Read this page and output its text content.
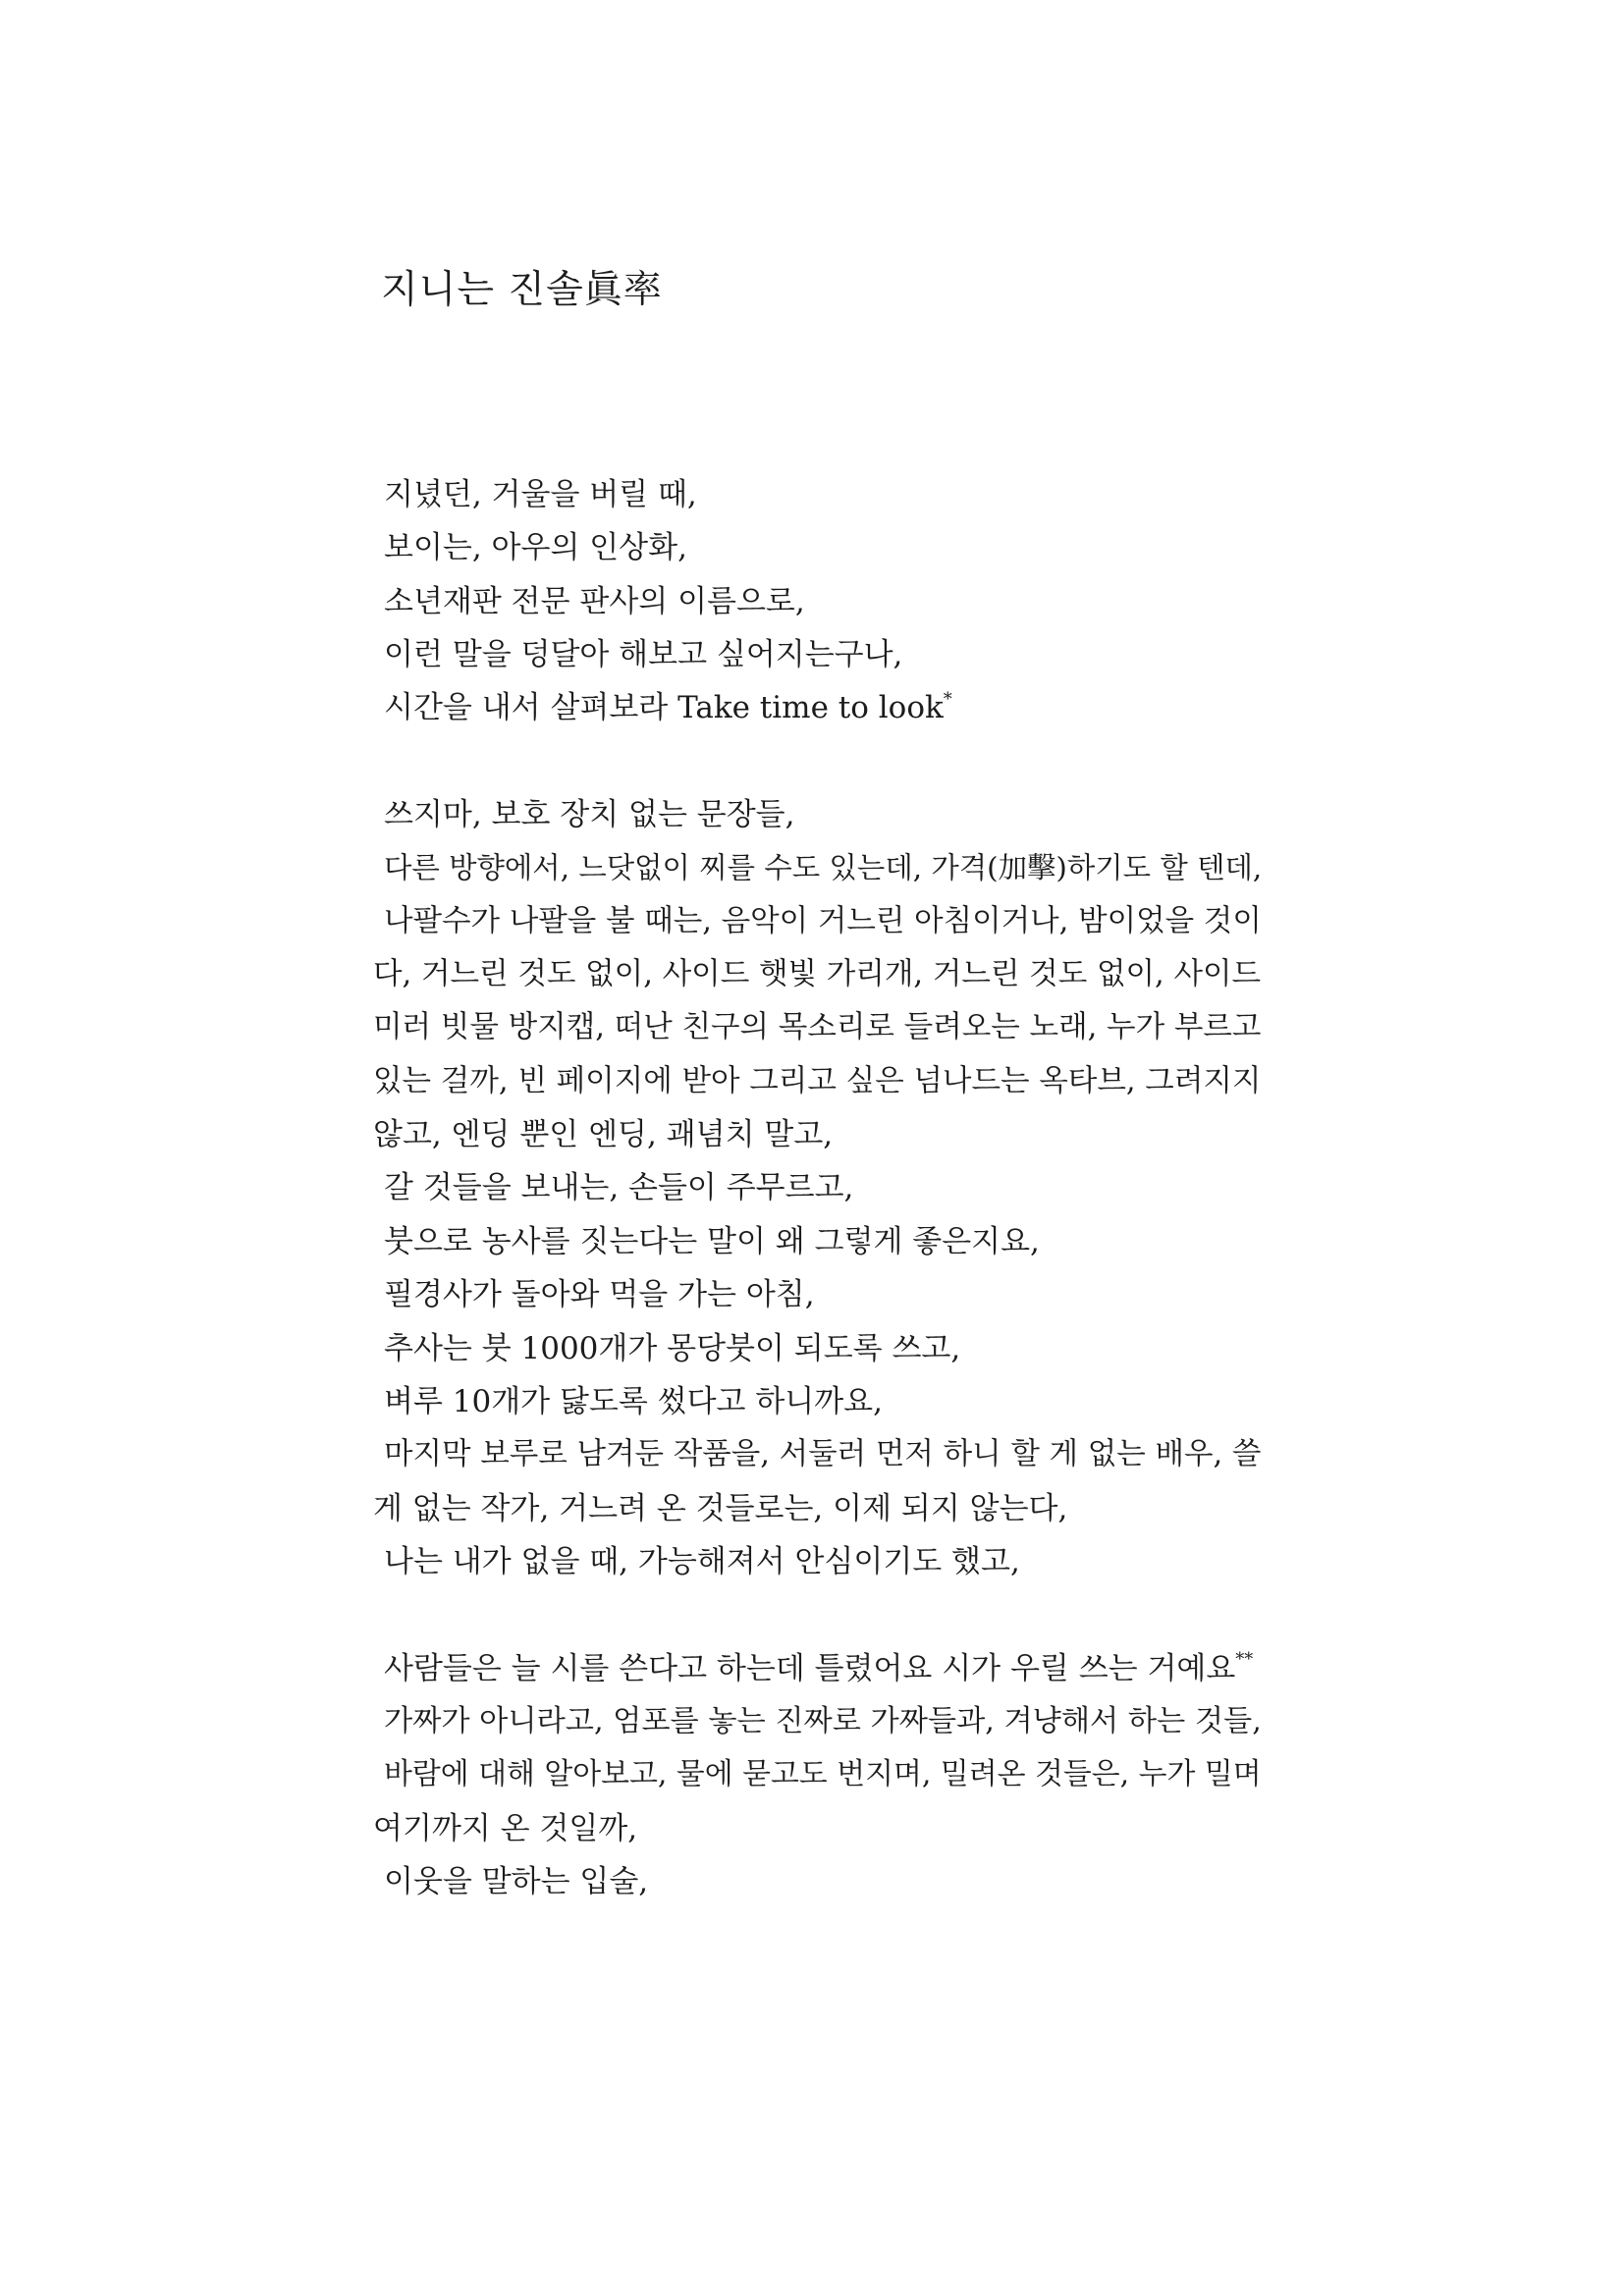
지니는 진솔眞率
지녔던, 거울을 버릴 때,
보이는, 아우의 인상화,
소년재판 전문 판사의 이름으로,
이런 말을 덩달아 해보고 싶어지는구나,
시간을 내서 살펴보라 Take time to look*
쓰지마, 보호 장치 없는 문장들,
다른 방향에서, 느닷없이 찌를 수도 있는데, 가격(加擊)하기도 할 텐데,
나팔수가 나팔을 불 때는, 음악이 거느린 아침이거나, 밤이었을 것이
다, 거느린 것도 없이, 사이드 햇빛 가리개, 거느린 것도 없이, 사이드
미러 빗물 방지캡, 떠난 친구의 목소리로 들려오는 노래, 누가 부르고
있는 걸까, 빈 페이지에 받아 그리고 싶은 넘나드는 옥타브, 그려지지
않고, 엔딩 뿐인 엔딩, 괘념치 말고,
갈 것들을 보내는, 손들이 주무르고,
붓으로 농사를 짓는다는 말이 왜 그렇게 좋은지요,
필경사가 돌아와 먹을 가는 아침,
추사는 붓 1000개가 몽당붓이 되도록 쓰고,
벼루 10개가 닳도록 썼다고 하니까요,
마지막 보루로 남겨둔 작품을, 서둘러 먼저 하니 할 게 없는 배우, 쓸
게 없는 작가, 거느려 온 것들로는, 이제 되지 않는다,
나는 내가 없을 때, 가능해져서 안심이기도 했고,
사람들은 늘 시를 쓴다고 하는데 틀렸어요 시가 우릴 쓰는 거예요**
가짜가 아니라고, 엄포를 놓는 진짜로 가짜들과, 겨냥해서 하는 것들,
바람에 대해 알아보고, 물에 묻고도 번지며, 밀려온 것들은, 누가 밀며
여기까지 온 것일까,
이웃을 말하는 입술,
